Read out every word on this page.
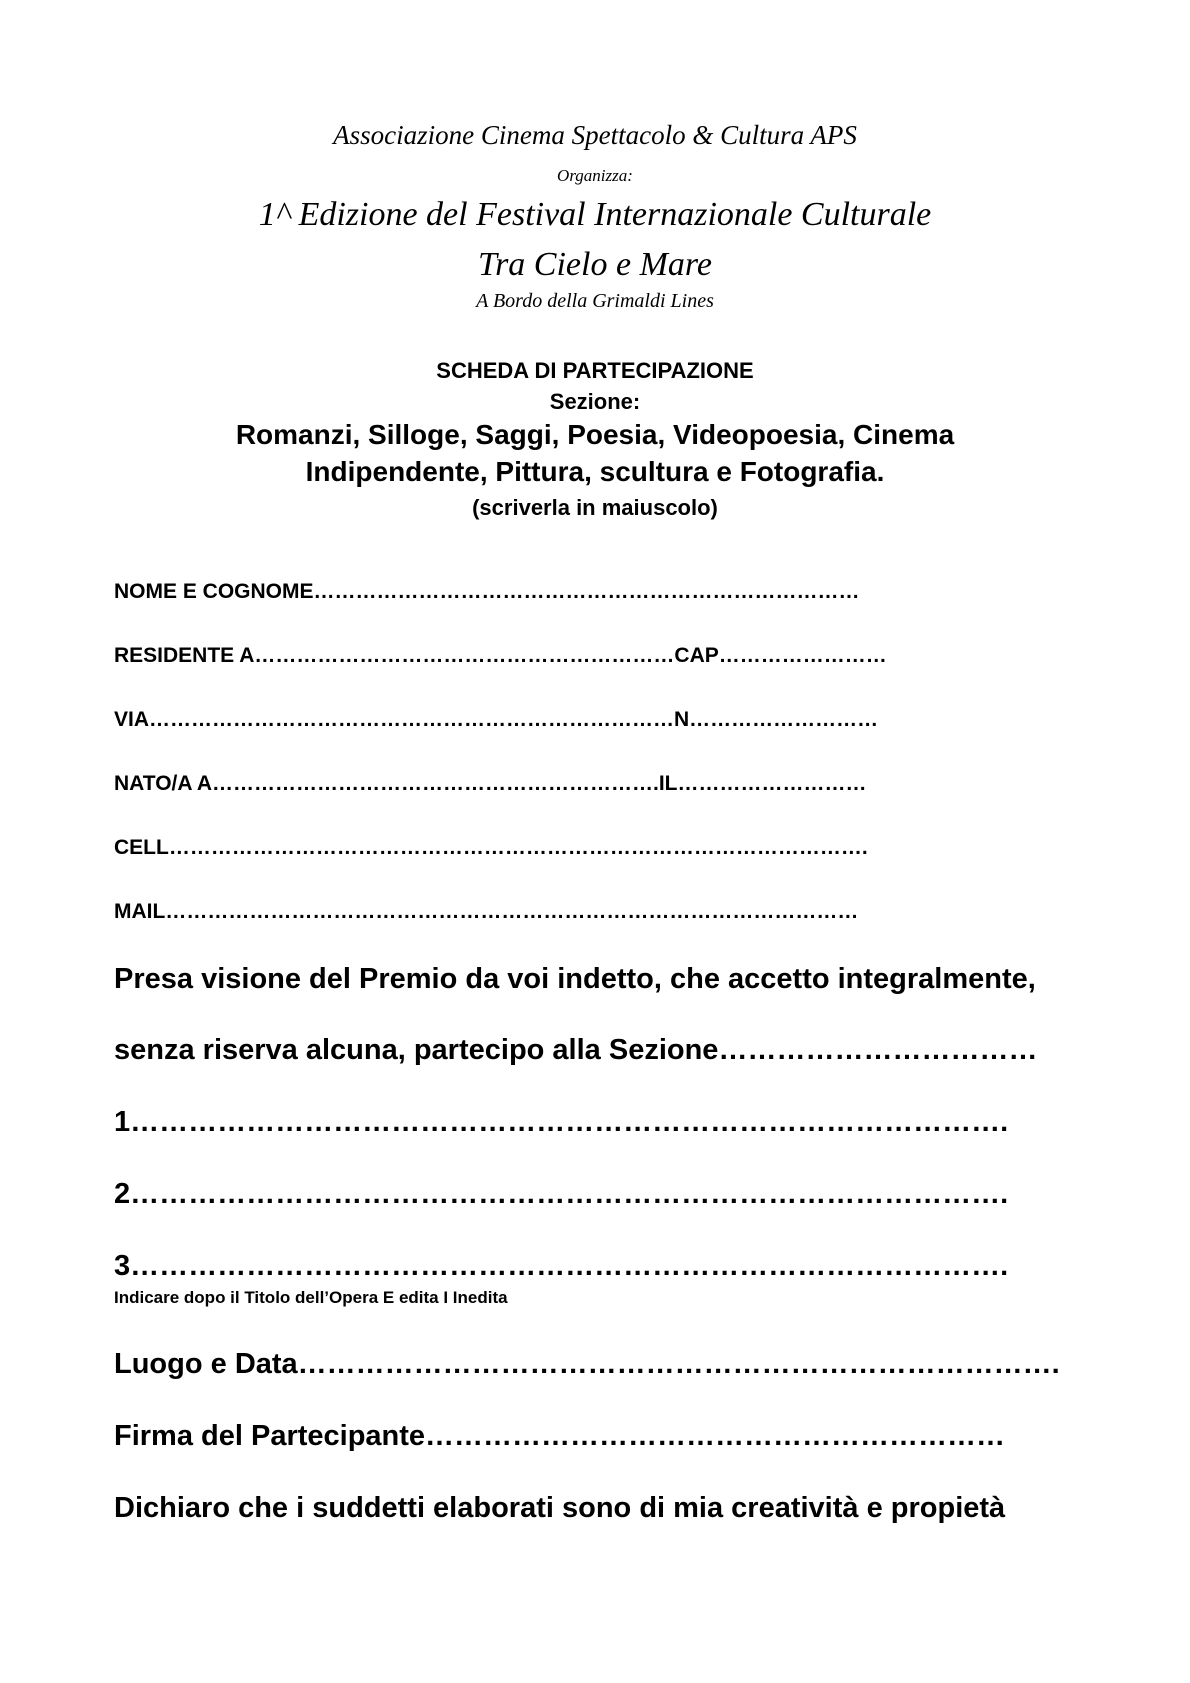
Associazione Cinema Spettacolo & Cultura APS
Organizza:
1^ Edizione del Festival Internazionale Culturale
Tra Cielo e Mare
A Bordo della Grimaldi Lines
SCHEDA DI PARTECIPAZIONE
Sezione:
Romanzi, Silloge, Saggi, Poesia, Videopoesia, Cinema
Indipendente, Pittura, scultura e Fotografia.
(scriverla in maiuscolo)
NOME E COGNOME……………………………………………………………………
RESIDENTE A……………………………………………………CAP……………………
VIA…………………………………………………………………N………………………
NATO/A A……………………………………………………….IL………………………
CELL……………………………………………………………………………………….
MAIL………………………………………………………………………………………
Presa visione del Premio da voi indetto, che accetto integralmente,
senza riserva alcuna, partecipo alla Sezione……………………………
1……………………………………………………………………………….
2……………………………………………………………………………….
3……………………………………………………………………………….
Indicare dopo il Titolo dell’Opera E edita I Inedita
Luogo e Data…………………………………………………………………….
Firma del Partecipante……………………………………………………
Dichiaro che i suddetti elaborati sono di mia creatività e propietà
